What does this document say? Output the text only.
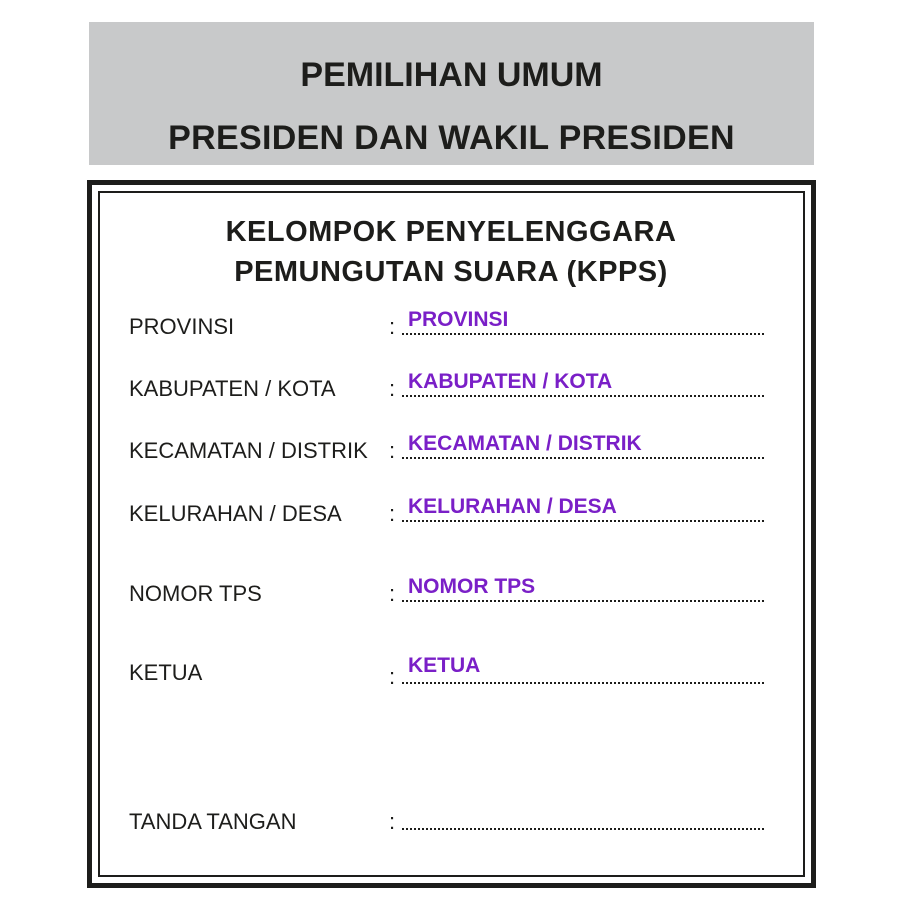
PEMILIHAN UMUM
PRESIDEN DAN WAKIL PRESIDEN
KELOMPOK PENYELENGGARA
PEMUNGUTAN SUARA (KPPS)
PROVINSI	: PROVINSI
KABUPATEN / KOTA : KABUPATEN / KOTA
KECAMATAN / DISTRIK : KECAMATAN / DISTRIK
KELURAHAN / DESA : KELURAHAN / DESA
NOMOR TPS	: NOMOR TPS
KETUA	: KETUA
TANDA TANGAN	:
